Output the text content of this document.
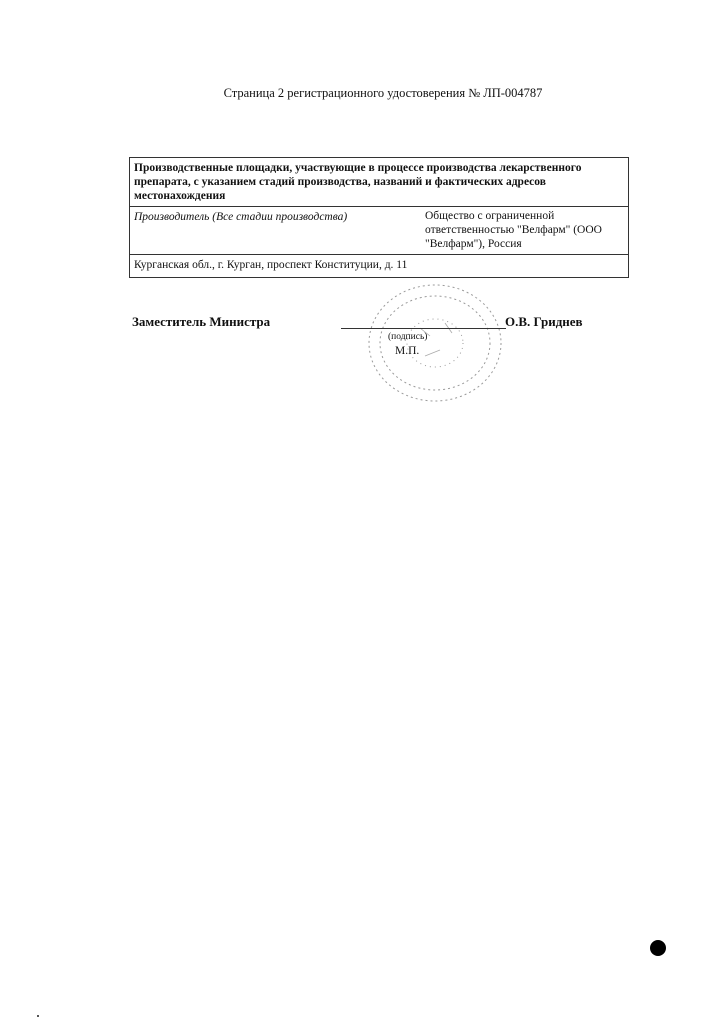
Страница 2 регистрационного удостоверения № ЛП-004787
Производственные площадки, участвующие в процессе производства лекарственного препарата, с указанием стадий производства, названий и фактических адресов местонахождения
Производитель (Все стадии производства)	Общество с ограниченной ответственностью "Велфарм" (ООО "Велфарм"), Россия
Курганская обл., г. Курган, проспект Конституции, д. 11
Заместитель Министра
(подпись)
М.П.
О.В. Гриднев
